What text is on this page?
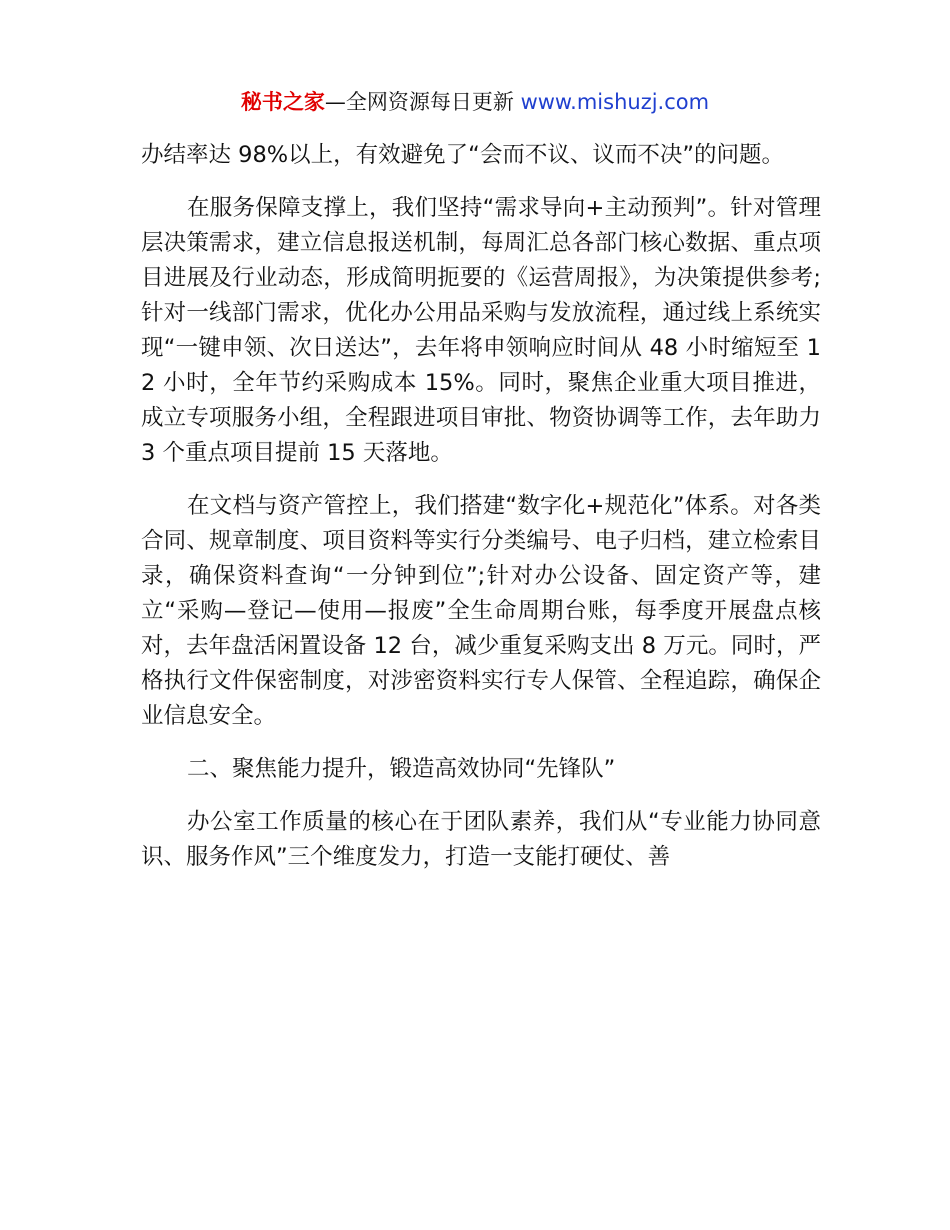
秘书之家—全网资源每日更新 www.mishuzj.com

办结率达 98%以上，有效避免了“会而不议、议而不决”的问题。

在服务保障支撑上，我们坚持“需求导向+主动预判”。针对管理层决策需求，建立信息报送机制，每周汇总各部门核心数据、重点项目进展及行业动态，形成简明扼要的《运营周报》，为决策提供参考;针对一线部门需求，优化办公用品采购与发放流程，通过线上系统实现“一键申领、次日送达”，去年将申领响应时间从 48 小时缩短至 12 小时，全年节约采购成本 15%。同时，聚焦企业重大项目推进，成立专项服务小组，全程跟进项目审批、物资协调等工作，去年助力 3 个重点项目提前 15 天落地。

在文档与资产管控上，我们搭建“数字化+规范化”体系。对各类合同、规章制度、项目资料等实行分类编号、电子归档，建立检索目录，确保资料查询“一分钟到位”;针对办公设备、固定资产等，建立“采购—登记—使用—报废”全生命周期台账，每季度开展盘点核对，去年盘活闲置设备 12 台，减少重复采购支出 8 万元。同时，严格执行文件保密制度，对涉密资料实行专人保管、全程追踪，确保企业信息安全。

二、聚焦能力提升，锻造高效协同“先锋队”

办公室工作质量的核心在于团队素养，我们从“专业能力协同意识、服务作风”三个维度发力，打造一支能打硬仗、善
